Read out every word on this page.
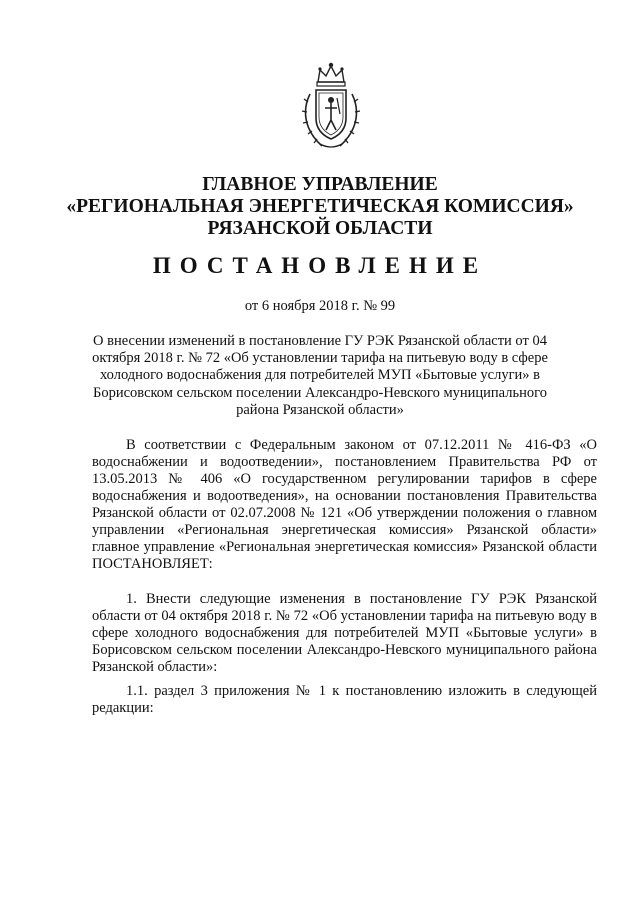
ГЛАВНОЕ УПРАВЛЕНИЕ
«РЕГИОНАЛЬНАЯ ЭНЕРГЕТИЧЕСКАЯ КОМИССИЯ»
РЯЗАНСКОЙ ОБЛАСТИ
ПОСТАНОВЛЕНИЕ
от 6 ноября 2018 г. № 99
О внесении изменений в постановление ГУ РЭК Рязанской области от 04 октября 2018 г. № 72 «Об установлении тарифа на питьевую воду в сфере холодного водоснабжения для потребителей МУП «Бытовые услуги» в Борисовском сельском поселении Александро-Невского муниципального района Рязанской области»
В соответствии с Федеральным законом от 07.12.2011 № 416-ФЗ «О водоснабжении и водоотведении», постановлением Правительства РФ от 13.05.2013 № 406 «О государственном регулировании тарифов в сфере водоснабжения и водоотведения», на основании постановления Правительства Рязанской области от 02.07.2008 № 121 «Об утверждении положения о главном управлении «Региональная энергетическая комиссия» Рязанской области» главное управление «Региональная энергетическая комиссия» Рязанской области ПОСТАНОВЛЯЕТ:
1. Внести следующие изменения в постановление ГУ РЭК Рязанской области от 04 октября 2018 г. № 72 «Об установлении тарифа на питьевую воду в сфере холодного водоснабжения для потребителей МУП «Бытовые услуги» в Борисовском сельском поселении Александро-Невского муниципального района Рязанской области»:
1.1. раздел 3 приложения № 1 к постановлению изложить в следующей редакции:
